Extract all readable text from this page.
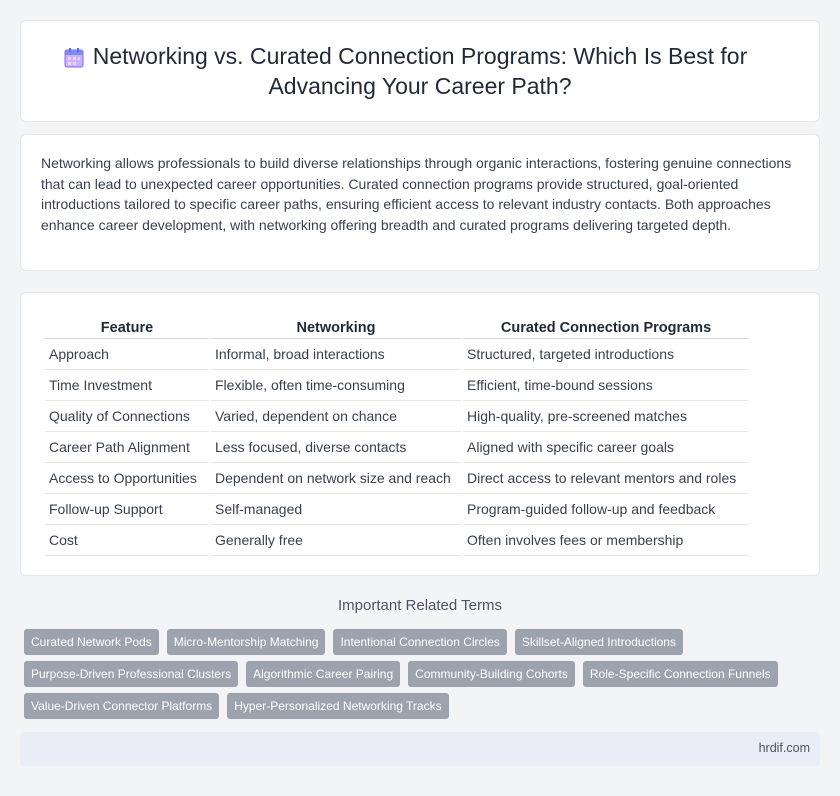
Networking vs. Curated Connection Programs: Which Is Best for Advancing Your Career Path?

Networking allows professionals to build diverse relationships through organic interactions, fostering genuine connections that can lead to unexpected career opportunities. Curated connection programs provide structured, goal-oriented introductions tailored to specific career paths, ensuring efficient access to relevant industry contacts. Both approaches enhance career development, with networking offering breadth and curated programs delivering targeted depth.

Feature	Networking	Curated Connection Programs
Approach	Informal, broad interactions	Structured, targeted introductions
Time Investment	Flexible, often time-consuming	Efficient, time-bound sessions
Quality of Connections	Varied, dependent on chance	High-quality, pre-screened matches
Career Path Alignment	Less focused, diverse contacts	Aligned with specific career goals
Access to Opportunities	Dependent on network size and reach	Direct access to relevant mentors and roles
Follow-up Support	Self-managed	Program-guided follow-up and feedback
Cost	Generally free	Often involves fees or membership
Important Related Terms
Curated Network Pods	Micro-Mentorship Matching	Intentional Connection Circles	Skillset-Aligned Introductions
Purpose-Driven Professional Clusters	Algorithmic Career Pairing	Community-Building Cohorts	Role-Specific Connection Funnels
Value-Driven Connector Platforms	Hyper-Personalized Networking Tracks
hrdif.com
